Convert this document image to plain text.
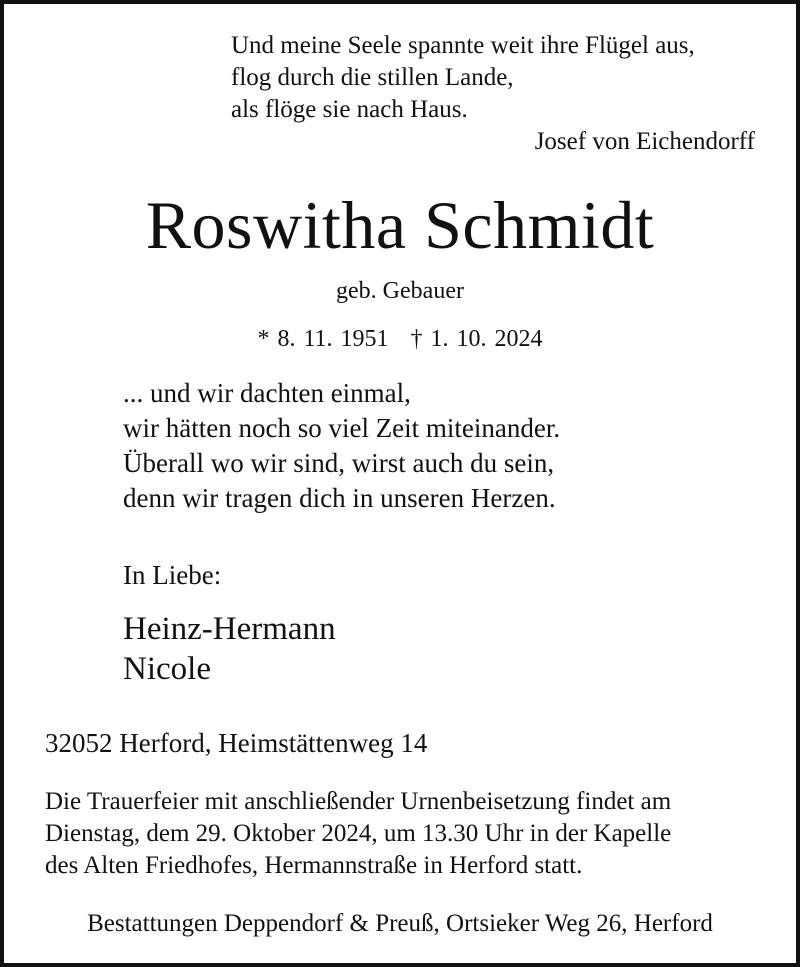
Und meine Seele spannte weit ihre Flügel aus,
flog durch die stillen Lande,
als flöge sie nach Haus.
Josef von Eichendorff
Roswitha Schmidt
geb. Gebauer
* 8. 11. 1951 † 1. 10. 2024
... und wir dachten einmal,
wir hätten noch so viel Zeit miteinander.
Überall wo wir sind, wirst auch du sein,
denn wir tragen dich in unseren Herzen.
In Liebe:
Heinz-Hermann
Nicole
32052 Herford, Heimstättenweg 14
Die Trauerfeier mit anschließender Urnenbeisetzung findet am
Dienstag, dem 29. Oktober 2024, um 13.30 Uhr in der Kapelle
des Alten Friedhofes, Hermannstraße in Herford statt.
Bestattungen Deppendorf & Preuß, Ortsieker Weg 26, Herford
